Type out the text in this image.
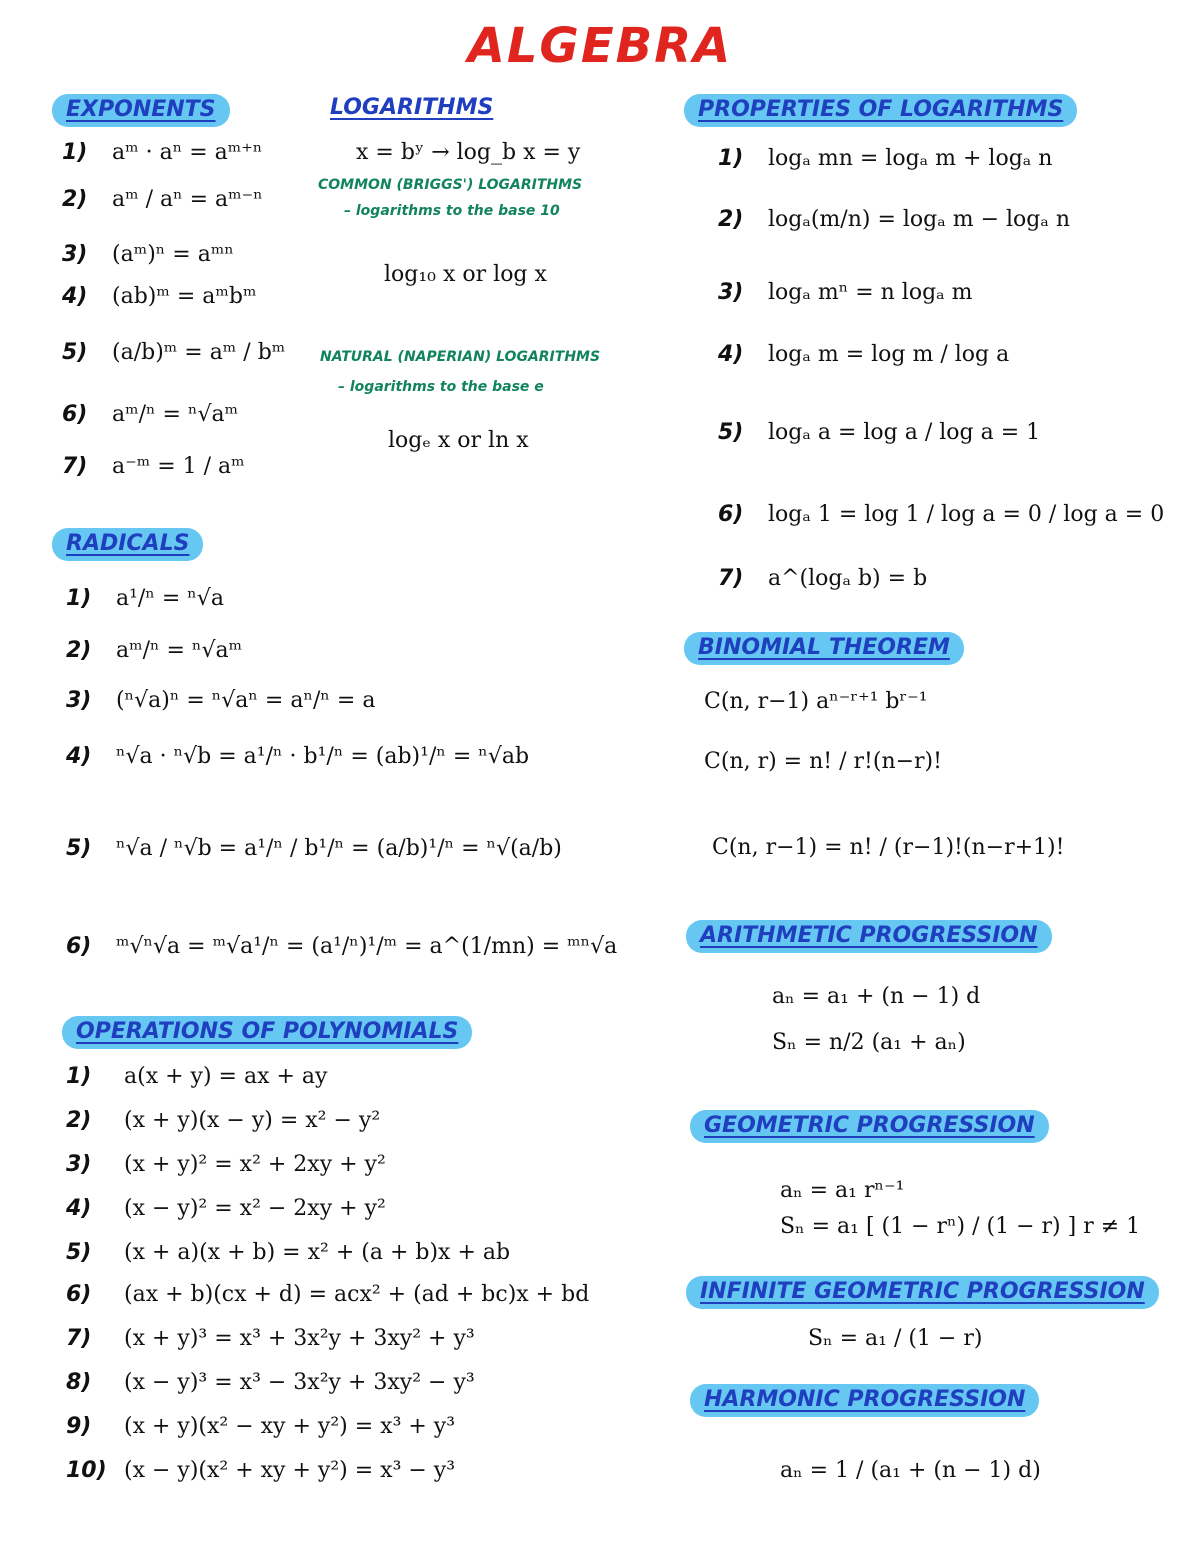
ALGEBRA
EXPONENTS
1) aᵐ · aⁿ = aᵐ⁺ⁿ
2) aᵐ / aⁿ = aᵐ⁻ⁿ
3) (aᵐ)ⁿ = aᵐⁿ
4) (ab)ᵐ = aᵐbᵐ
5) (a/b)ᵐ = aᵐ / bᵐ
6) aᵐ/ⁿ = ⁿ√aᵐ
7) a⁻ᵐ = 1 / aᵐ
LOGARITHMS
x = bʸ → log_b x = y
COMMON (BRIGGS') LOGARITHMS
– logarithms to the base 10
log₁₀ x or log x
NATURAL (NAPERIAN) LOGARITHMS
– logarithms to the base e
logₑ x or ln x
PROPERTIES OF LOGARITHMS
1) logₐ mn = logₐ m + logₐ n
2) logₐ(m/n) = logₐ m − logₐ n
3) logₐ mⁿ = n logₐ m
4) logₐ m = log m / log a
5) logₐ a = log a / log a = 1
6) logₐ 1 = log 1 / log a = 0 / log a = 0
7) a^(logₐ b) = b
RADICALS
1) a¹/ⁿ = ⁿ√a
2) aᵐ/ⁿ = ⁿ√aᵐ
3) (ⁿ√a)ⁿ = ⁿ√aⁿ = aⁿ/ⁿ = a
4) ⁿ√a · ⁿ√b = a¹/ⁿ · b¹/ⁿ = (ab)¹/ⁿ = ⁿ√ab
5) ⁿ√a / ⁿ√b = a¹/ⁿ / b¹/ⁿ = (a/b)¹/ⁿ = ⁿ√(a/b)
6) ᵐ√ⁿ√a = ᵐ√a¹/ⁿ = (a¹/ⁿ)¹/ᵐ = a^(1/mn) = ᵐⁿ√a
BINOMIAL THEOREM
C(n, r−1) aⁿ⁻ʳ⁺¹ bʳ⁻¹
C(n, r) = n! / r!(n−r)!
C(n, r−1) = n! / (r−1)!(n−r+1)!
ARITHMETIC PROGRESSION
aₙ = a₁ + (n − 1) d
Sₙ = n/2 (a₁ + aₙ)
OPERATIONS OF POLYNOMIALS
1) a(x + y) = ax + ay
2) (x + y)(x − y) = x² − y²
3) (x + y)² = x² + 2xy + y²
4) (x − y)² = x² − 2xy + y²
5) (x + a)(x + b) = x² + (a + b)x + ab
6) (ax + b)(cx + d) = acx² + (ad + bc)x + bd
7) (x + y)³ = x³ + 3x²y + 3xy² + y³
8) (x − y)³ = x³ − 3x²y + 3xy² − y³
9) (x + y)(x² − xy + y²) = x³ + y³
10) (x − y)(x² + xy + y²) = x³ − y³
GEOMETRIC PROGRESSION
aₙ = a₁ rⁿ⁻¹
Sₙ = a₁ [ (1 − rⁿ) / (1 − r) ] r ≠ 1
INFINITE GEOMETRIC PROGRESSION
Sₙ = a₁ / (1 − r)
HARMONIC PROGRESSION
aₙ = 1 / (a₁ + (n − 1) d)
